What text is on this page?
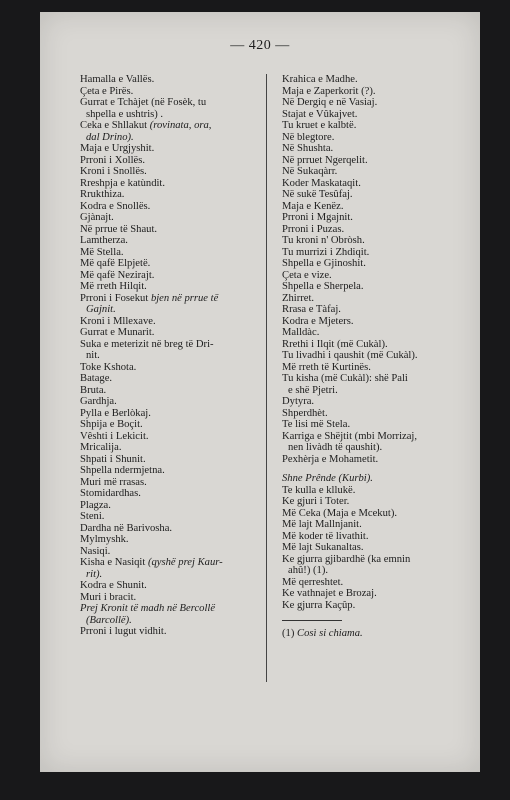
— 420 —
Hamalla e Vallës.
Çeta e Pirës.
Gurrat e Tchàjet (në Fosèk, tu
shpella e ushtris) .
Ceka e Shllakut (rovinata, ora,
dal Drino).
Maja e Urgjyshit.
Prroni i Xollës.
Kroni i Snollës.
Rreshpja e katùndit.
Rrukthiza.
Kodra e Snollës.
Gjànajt.
Në prrue të Shaut.
Lamtherza.
Më Stella.
Më qafë Elpjetë.
Më qafë Nezirajt.
Më rreth Hilqit.
Prroni i Fosekut bjen në prrue të
Gajnit.
Kroni i Mllexave.
Gurrat e Munarit.
Suka e meterizit në breg të Dri-
nit.
Toke Kshota.
Batage.
Bruta.
Gardhja.
Pylla e Berlòkaj.
Shpija e Boçit.
Vêshti i Lekicit.
Mricalija.
Shpati i Shunit.
Shpella ndermjetna.
Muri më rrasas.
Stomidardhas.
Plagza.
Steni.
Dardha në Barivosha.
Mylmyshk.
Nasiqi.
Kisha e Nasiqit (qyshë prej Kaur-
rit).
Kodra e Shunit.
Muri i bracit.
Prej Kronit të madh në Bercollë
(Barcollë).
Prroni i lugut vidhit.
Krahica e Madhe.
Maja e Zaperkorit (?).
Në Dergiq e në Vasiaj.
Stajat e Vûkajvet.
Tu kruet e kalbtë.
Në blegtore.
Në Shushta.
Në prruet Ngerqelit.
Në Sukaqàrr.
Koder Maskataqit.
Në sukë Tesûfaj.
Maja e Kenëz.
Prroni i Mgajnit.
Prroni i Puzas.
Tu kroni n' Obròsh.
Tu murrizi i Zhdiqit.
Shpella e Gjinoshit.
Çeta e vize.
Shpella e Sherpela.
Zhirret.
Rrasa e Tàfaj.
Kodra e Mjeters.
Malldàc.
Rrethi i Ilqit (më Cukàl).
Tu livadhi i qaushit (më Cukàl).
Më rreth të Kurtinës.
Tu kisha (më Cukàl): shë Pali
e shë Pjetri.
Dytyra.
Shperdhèt.
Te lisi më Stela.
Karriga e Shëjtit (mbi Morrizaj,
nen livàdh të qaushit).
Pexhèrja e Mohametit.
Shne Prênde (Kurbi).
Te kulla e kllukë.
Ke gjuri i Toter.
Më Ceka (Maja e Mcekut).
Më lajt Mallnjanit.
Më koder të livathit.
Më lajt Sukanaltas.
Ke gjurra gjibardhë (ka emnin
ahû!) (1).
Më qerreshtet.
Ke vathnajet e Brozaj.
Ke gjurra Kaçûp.
(1) Così si chiama.
